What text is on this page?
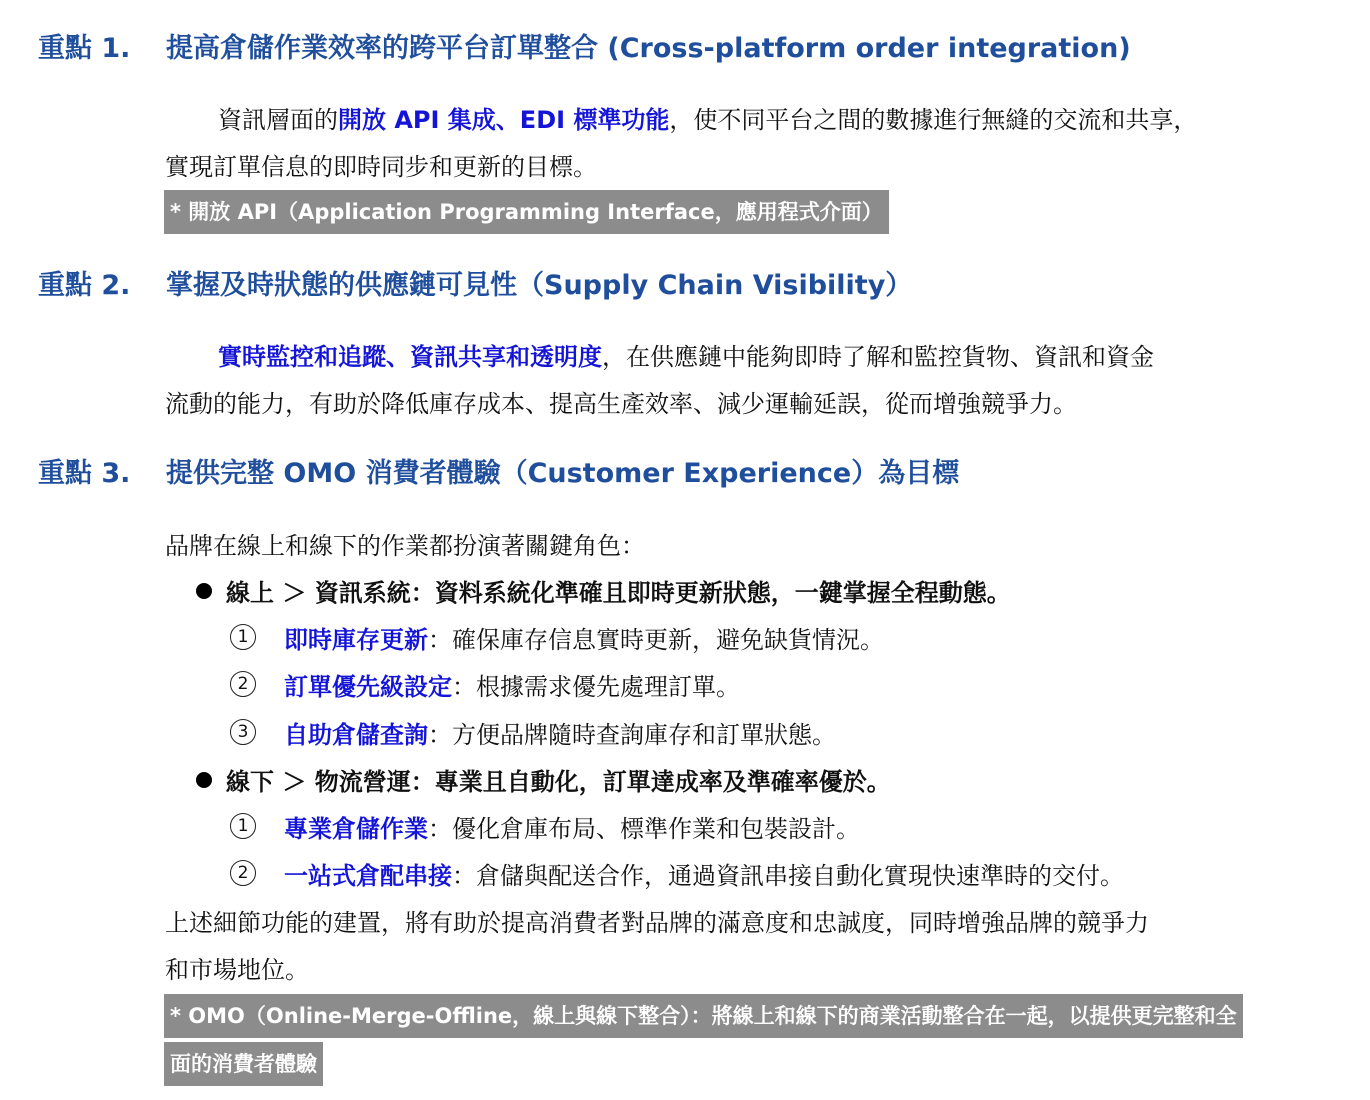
重點 1. 提高倉儲作業效率的跨平台訂單整合 (Cross-platform order integration)
資訊層面的開放 API 集成、EDI 標準功能，使不同平台之間的數據進行無縫的交流和共享，
實現訂單信息的即時同步和更新的目標。
* 開放 API（Application Programming Interface，應用程式介面）
重點 2. 掌握及時狀態的供應鏈可見性（Supply Chain Visibility）
實時監控和追蹤、資訊共享和透明度，在供應鏈中能夠即時了解和監控貨物、資訊和資金
流動的能力，有助於降低庫存成本、提高生產效率、減少運輸延誤，從而增強競爭力。
重點 3. 提供完整 OMO 消費者體驗（Customer Experience）為目標
品牌在線上和線下的作業都扮演著關鍵角色：
線上 ＞ 資訊系統：資料系統化準確且即時更新狀態，一鍵掌握全程動態。
1 即時庫存更新：確保庫存信息實時更新，避免缺貨情況。
2 訂單優先級設定：根據需求優先處理訂單。
3 自助倉儲查詢：方便品牌隨時查詢庫存和訂單狀態。
線下 ＞ 物流營運：專業且自動化，訂單達成率及準確率優於。
1 專業倉儲作業：優化倉庫布局、標準作業和包裝設計。
2 一站式倉配串接：倉儲與配送合作，通過資訊串接自動化實現快速準時的交付。
上述細節功能的建置，將有助於提高消費者對品牌的滿意度和忠誠度，同時增強品牌的競爭力
和市場地位。
* OMO（Online-Merge-Offline，線上與線下整合）：將線上和線下的商業活動整合在一起，以提供更完整和全
面的消費者體驗
